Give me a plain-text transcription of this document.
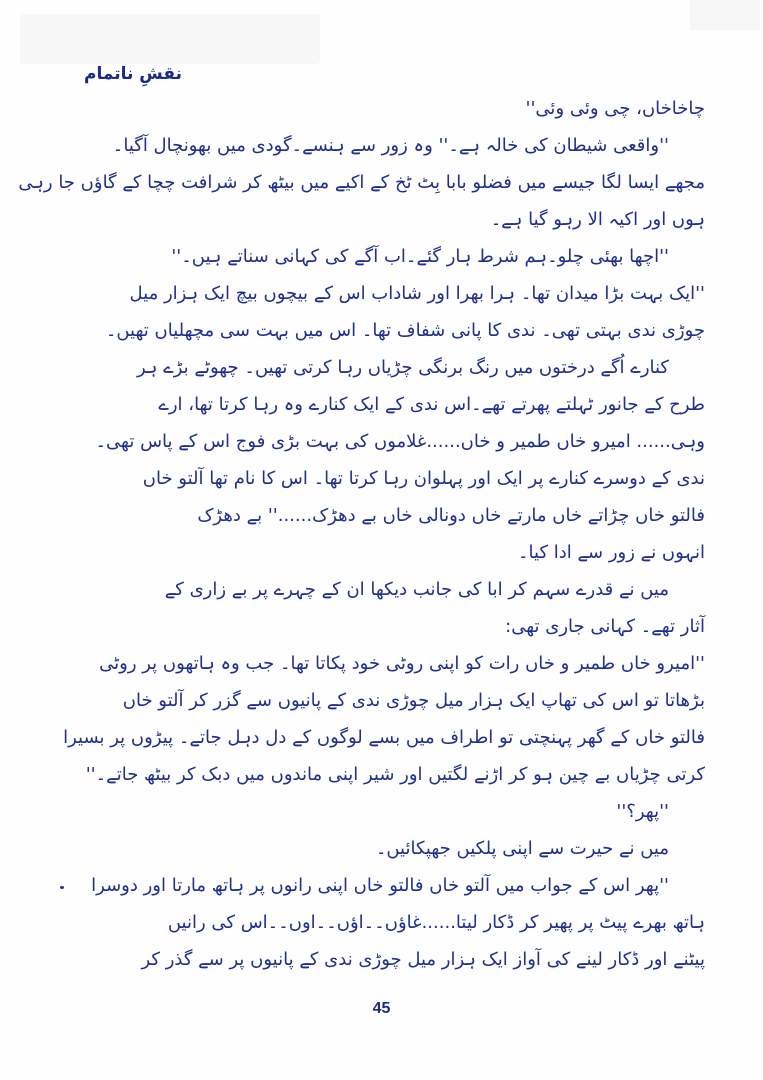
نقشِ ناتمام
چاخاخاں، چی وئی وئی''
''واقعی شیطان کی خالہ ہے۔'' وہ زور سے ہنسے۔گودی میں بھونچال آگیا۔
مجھے ایسا لگا جیسے میں فضلو بابا بِٹ ٹخ کے اکیے میں بیٹھ کر شرافت چچا کے گاؤں جا رہی
ہوں اور اکیہ الا رہو گیا ہے۔
''اچھا بھئی چلو۔ہم شرط ہار گئے۔اب آگے کی کہانی سناتے ہیں۔''
''ایک بہت بڑا میدان تھا۔ ہرا بھرا اور شاداب اس کے بیچوں بیچ ایک ہزار میل
چوڑی ندی بہتی تھی۔ ندی کا پانی شفاف تھا۔ اس میں بہت سی مچھلیاں تھیں۔
کنارے اُگے درختوں میں رنگ برنگی چڑیاں رہا کرتی تھیں۔ چھوٹے بڑے ہر
طرح کے جانور ٹہلتے پھرتے تھے۔اس ندی کے ایک کنارے وہ رہا کرتا تھا، ارے
وہی...... امیرو خاں طمیر و خاں......غلاموں کی بہت بڑی فوج اس کے پاس تھی۔
ندی کے دوسرے کنارے پر ایک اور پہلوان رہا کرتا تھا۔ اس کا نام تھا آلتو خاں
فالتو خاں چڑاتے خاں مارتے خاں دونالی خاں بے دھڑک......'' بے دھڑک
انہوں نے زور سے ادا کیا۔
میں نے قدرے سہم کر ابا کی جانب دیکھا ان کے چہرے پر بے زاری کے
آثار تھے۔ کہانی جاری تھی:
''امیرو خاں طمیر و خاں رات کو اپنی روٹی خود پکاتا تھا۔ جب وہ ہاتھوں پر روٹی
بڑھاتا تو اس کی تھاپ ایک ہزار میل چوڑی ندی کے پانیوں سے گزر کر آلتو خاں
فالتو خاں کے گھر پہنچتی تو اطراف میں بسے لوگوں کے دل دہل جاتے۔ پیڑوں پر بسیرا
کرتی چڑیاں بے چین ہو کر اڑنے لگتیں اور شیر اپنی ماندوں میں دبک کر بیٹھ جاتے۔''
''پھر؟''
میں نے حیرت سے اپنی پلکیں جھپکائیں۔
''پھر اس کے جواب میں آلتو خاں فالتو خاں اپنی رانوں پر ہاتھ مارتا اور دوسرا
ہاتھ بھرے پیٹ پر پھیر کر ڈکار لیتا......غاؤں۔۔اؤں۔۔اوں۔۔اس کی رانیں
پیٹنے اور ڈکار لینے کی آواز ایک ہزار میل چوڑی ندی کے پانیوں پر سے گذر کر
45
